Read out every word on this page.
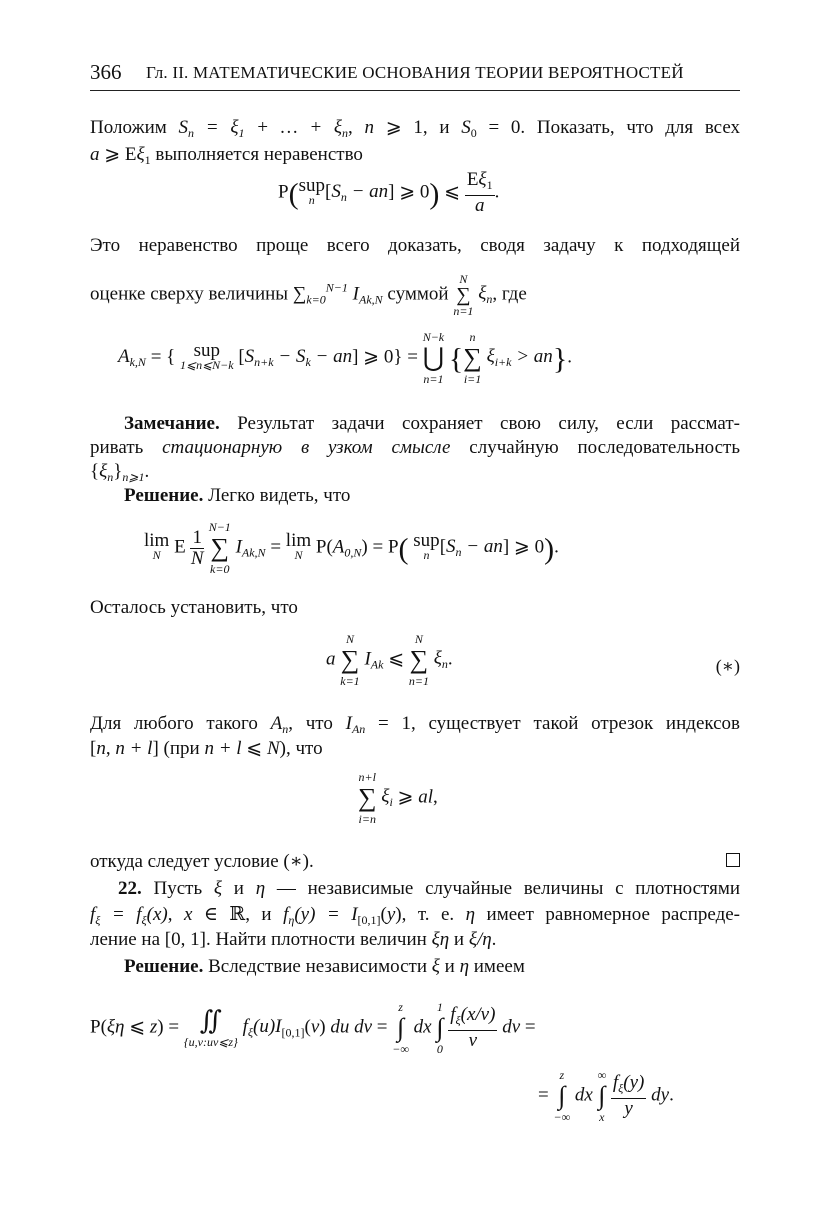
366 Гл. II. МАТЕМАТИЧЕСКИЕ ОСНОВАНИЯ ТЕОРИИ ВЕРОЯТНОСТЕЙ
Положим $S_n = \xi_1$ + … + $\xi_n$, n ⩾ 1, и $S_0 = 0$. Показать, что для всех
a ⩾ $E\xi_1$ выполняется неравенство
P(sup
n $[S_n - an]$ ⩾ 0) ⩽ $\frac{E\xi_1}{a}$ .
Это неравенство проще всего доказать, сводя задачу к подходящей
оценке сверху величины $\sum_{k=0}^{N-1}$ $I_{Ak,N}$ суммой
N
∑
n=1
$\xi_n$, где
$A_{k,N}$ = { sup
1⩽n⩽N−k $[S_{n+k} - S_k - an]$ ⩾ 0} =
N−k
⋃
n=1
{
n
∑
i=1
$\xi_{i+k} > an$}.
Замечание. Результат задачи сохраняет свою силу, если рассмат-
ривать стационарную в узком смысле случайную последовательность
$\{\xi_n\}_{n⩾1}$.
Решение. Легко видеть, что
lim
N E $\frac{1}{N}$

N−1
∑
k=0
$I_{Ak,N} = \lim$
N $P(A_{0,N}) = P$( sup
n $[S_n - an]$ ⩾ 0).
Осталось установить, что
a
N
∑
k=1
$I_{Ak}$ ⩽
N
∑
n=1
$\xi_n$.	(∗)
Для любого такого $A_n$, что $I_{An} = 1$, существует такой отрезок индексов
[n, n + l] (при n + l ⩽ N), что
n+l
∑
i=n
$\xi_i$ ⩾ al,
откуда следует условие (∗).
22. Пусть ξ и η — независимые случайные величины с плотностями
$f_\xi = f_\xi(x)$, x ∈ ℝ, и $f_\eta(y) = I_{[0,1]}(y)$, т. е. η имеет равномерное распреде-
ление на [0, 1]. Найти плотности величин ξη и ξ/η.
Решение. Вследствие независимости ξ и η имеем
P(ξη ⩽ z) = ∬
{u,v:uv⩽z}
$f_\xi(u)I_{[0,1]}(v)$ du dv =
z
∫
−∞
dx
1
∫
0
$\frac{f_\xi(x/v)}{v}$ dv =
=
z
∫
−∞
dx
∞
∫
x
$\frac{f_\xi(y)}{y}$ dy.
